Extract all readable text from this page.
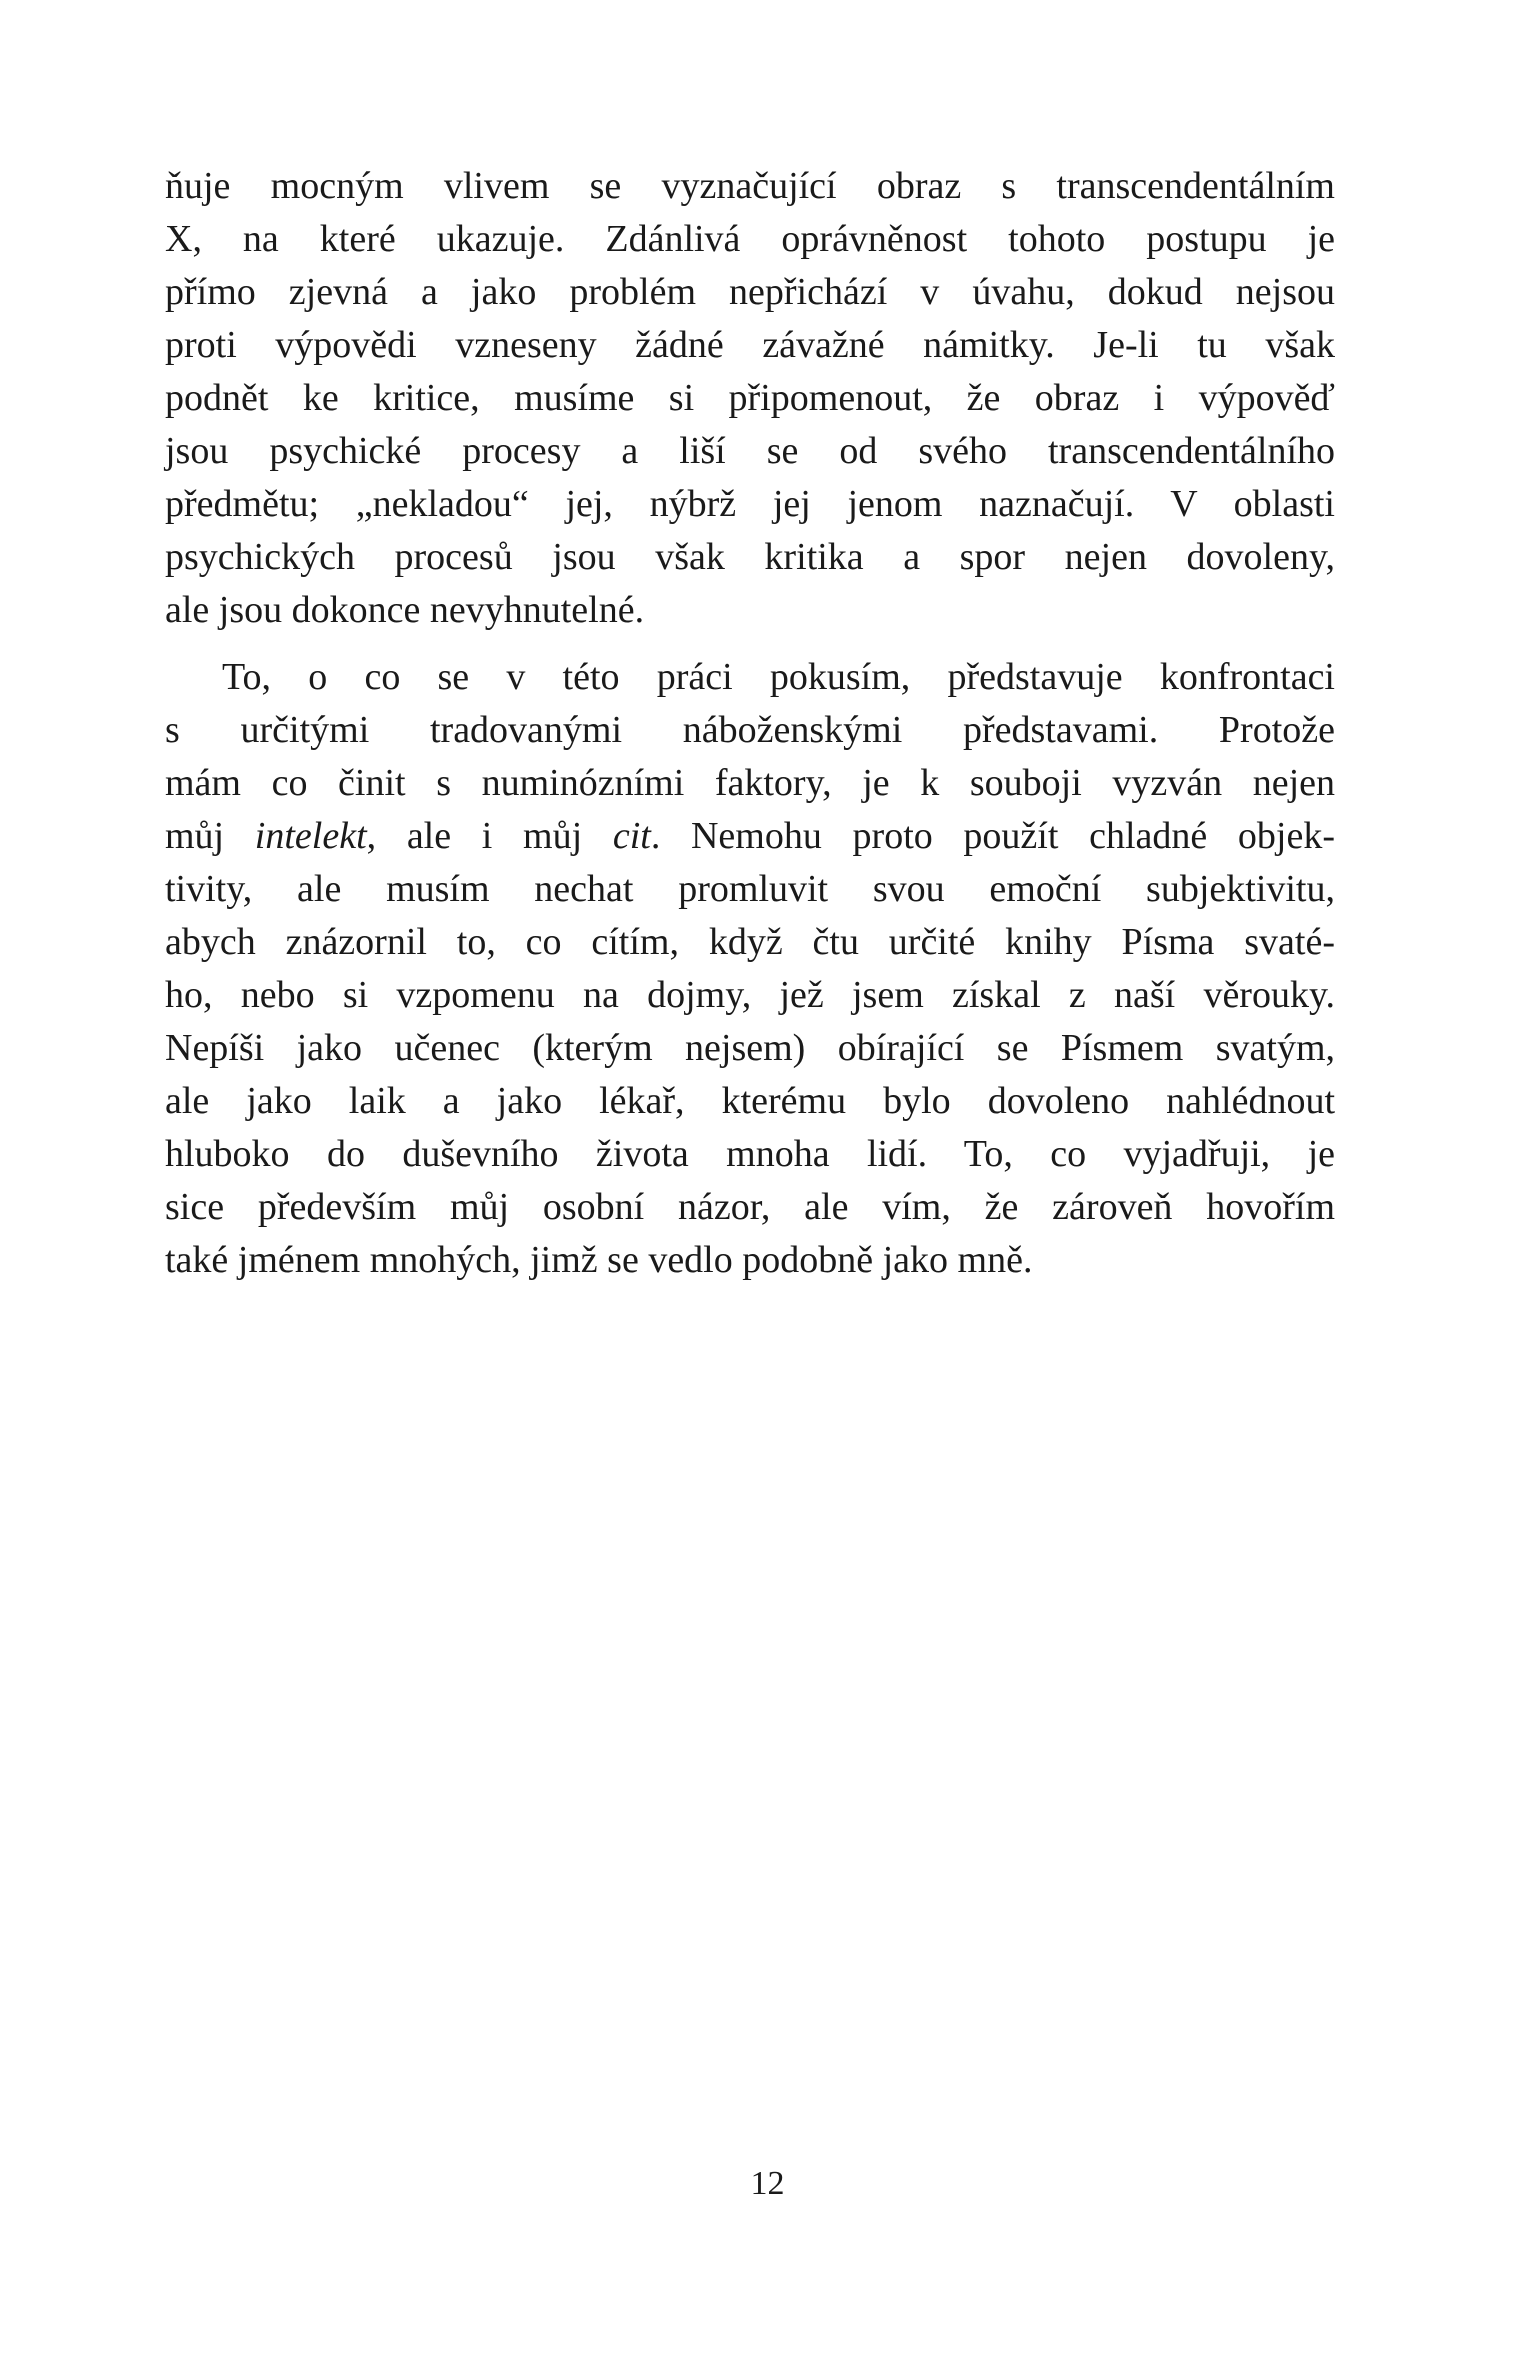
ňuje mocným vlivem se vyznačující obraz s transcendentálním
X, na které ukazuje. Zdánlivá oprávněnost tohoto postupu je
přímo zjevná a jako problém nepřichází v úvahu, dokud nejsou
proti výpovědi vzneseny žádné závažné námitky. Je-li tu však
podnět ke kritice, musíme si připomenout, že obraz i výpověď
jsou psychické procesy a liší se od svého transcendentálního
předmětu; „nekladou“ jej, nýbrž jej jenom naznačují. V oblasti
psychických procesů jsou však kritika a spor nejen dovoleny,
ale jsou dokonce nevyhnutelné.
To, o co se v této práci pokusím, představuje konfrontaci
s určitými tradovanými náboženskými představami. Protože
mám co činit s numinózními faktory, je k souboji vyzván nejen
můj intelekt, ale i můj cit. Nemohu proto použít chladné objek-
tivity, ale musím nechat promluvit svou emoční subjektivitu,
abych znázornil to, co cítím, když čtu určité knihy Písma svaté-
ho, nebo si vzpomenu na dojmy, jež jsem získal z naší věrouky.
Nepíši jako učenec (kterým nejsem) obírající se Písmem svatým,
ale jako laik a jako lékař, kterému bylo dovoleno nahlédnout
hluboko do duševního života mnoha lidí. To, co vyjadřuji, je
sice především můj osobní názor, ale vím, že zároveň hovořím
také jménem mnohých, jimž se vedlo podobně jako mně.
12
